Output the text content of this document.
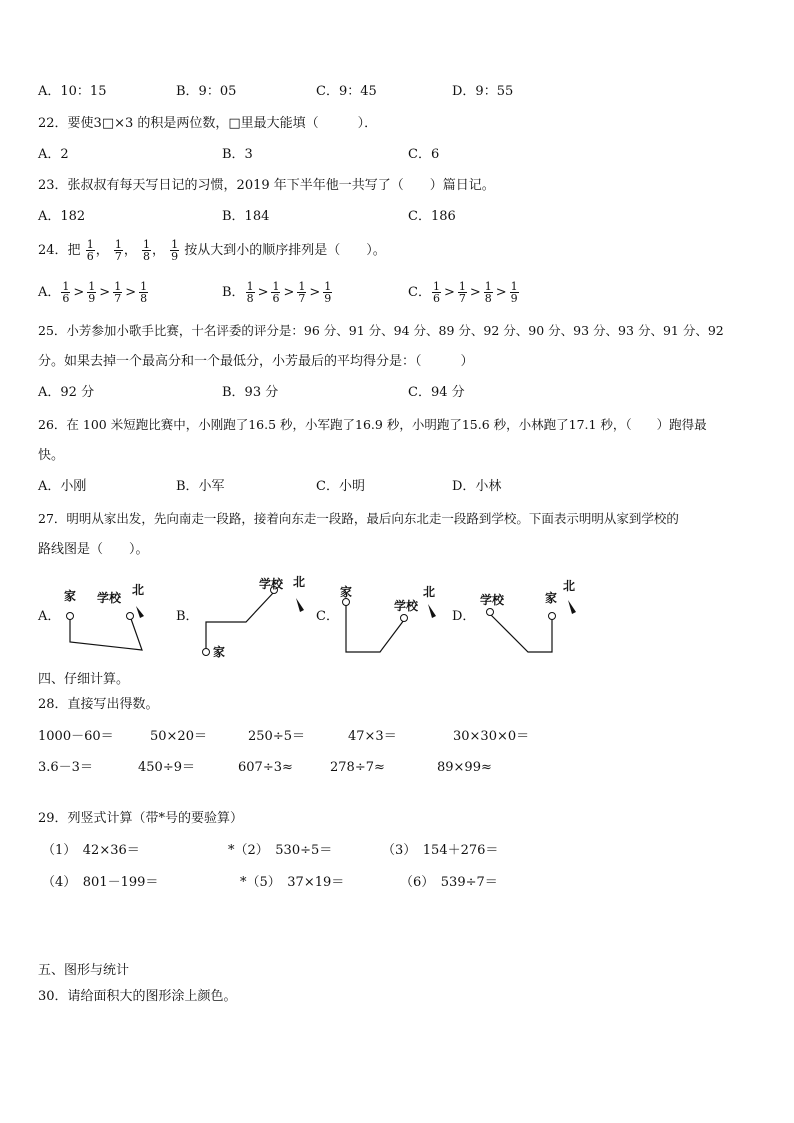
A．10：15	B．9：05	C．9：45	D．9：55
22．要使3□×3 的积是两位数，□里最大能填（　　　）．
A．2	B．3	C．6
23．张叔叔有每天写日记的习惯，2019 年下半年他一共写了（　　）篇日记。
A．182	B．184	C．186
24．把 $\frac{1}{6}$ ， $\frac{1}{7}$ ， $\frac{1}{8}$ ， $\frac{1}{9}$ 按从大到小的顺序排列是（　　）。
A． $\frac{1}{6} > \frac{1}{9} > \frac{1}{7} > \frac{1}{8}$	B． $\frac{1}{8} > \frac{1}{6} > \frac{1}{7} > \frac{1}{9}$	C． $\frac{1}{6} > \frac{1}{7} > \frac{1}{8} > \frac{1}{9}$
25．小芳参加小歌手比赛，十名评委的评分是：96 分、91 分、94 分、89 分、92 分、90 分、93 分、93 分、91 分、92
分。如果去掉一个最高分和一个最低分，小芳最后的平均得分是：（　　　）
A．92 分	B．93 分	C．94 分
26．在 100 米短跑比赛中，小刚跑了16.5 秒，小军跑了16.9 秒，小明跑了15.6 秒，小林跑了17.1 秒，（　　）跑得最
快。
A．小刚	B．小军	C．小明	D．小林
27．明明从家出发，先向南走一段路，接着向东走一段路，最后向东北走一段路到学校。下面表示明明从家到学校的
路线图是（　　）。
A．
家 学校
北
B．
家
学校 北
C．
家
学校
北
D．
学校	家
北
四、仔细计算。
28．直接写出得数。
1000－60＝	50×20＝	250÷5＝	47×3＝	30×30×0＝
3.6－3＝	450÷9＝	607÷3≈	278÷7≈	89×99≈
29．列竖式计算（带*号的要验算）
（1）　42×36＝	*（2）　530÷5＝	（3）　154＋276＝
（4）　801－199＝	*（5）　37×19＝	（6）　539÷7＝
五、图形与统计
30．请给面积大的图形涂上颜色。
